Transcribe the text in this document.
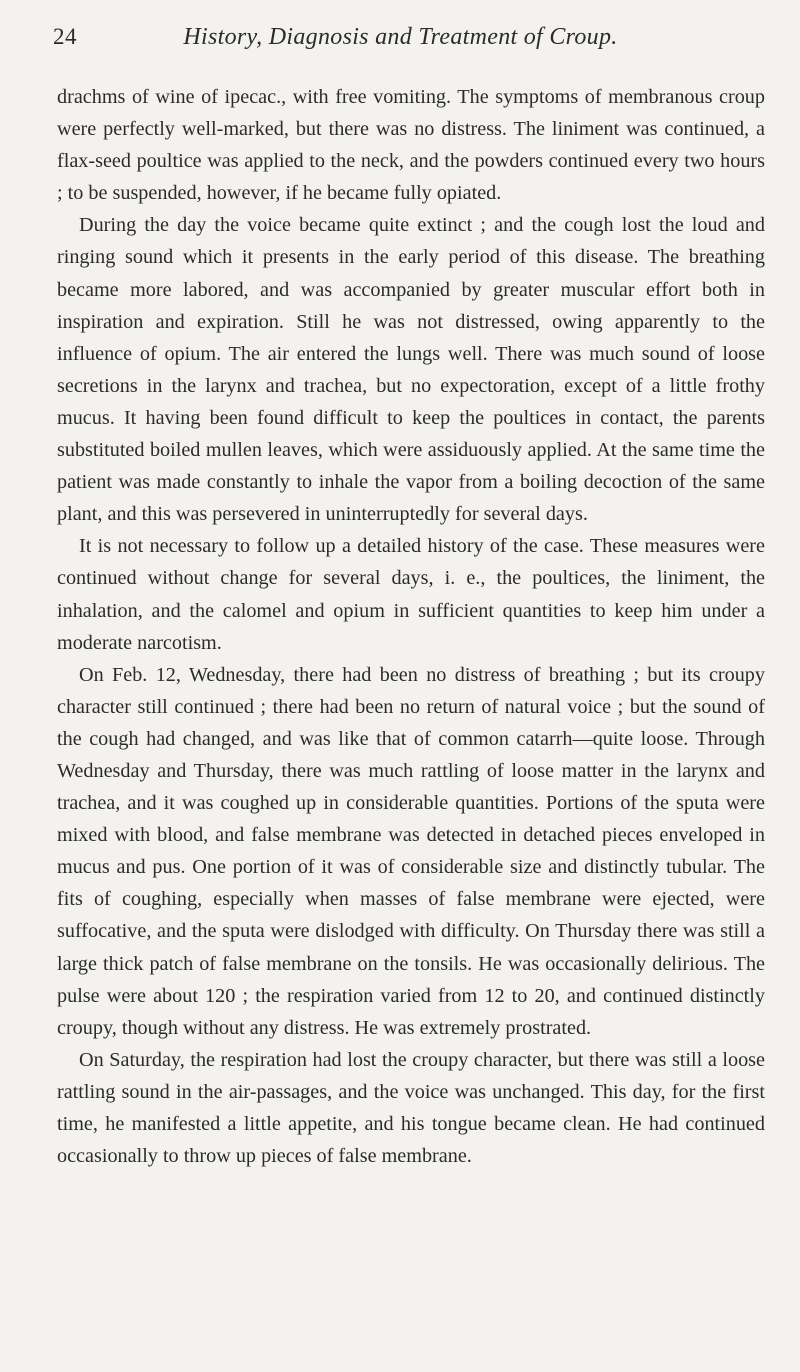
24	History, Diagnosis and Treatment of Croup.

drachms of wine of ipecac., with free vomiting. The symptoms of membranous croup were perfectly well-marked, but there was no distress. The liniment was continued, a flax-seed poultice was applied to the neck, and the powders continued every two hours ; to be suspended, however, if he became fully opiated.

During the day the voice became quite extinct ; and the cough lost the loud and ringing sound which it presents in the early period of this disease. The breathing became more labored, and was accompanied by greater muscular effort both in inspiration and expiration. Still he was not distressed, owing apparently to the influence of opium. The air entered the lungs well. There was much sound of loose secretions in the larynx and trachea, but no expectoration, except of a little frothy mucus. It having been found difficult to keep the poultices in contact, the parents substituted boiled mullen leaves, which were assiduously applied. At the same time the patient was made constantly to inhale the vapor from a boiling decoction of the same plant, and this was persevered in uninterruptedly for several days.

It is not necessary to follow up a detailed history of the case. These measures were continued without change for several days, i. e., the poultices, the liniment, the inhalation, and the calomel and opium in sufficient quantities to keep him under a moderate narcotism.

On Feb. 12, Wednesday, there had been no distress of breathing ; but its croupy character still continued ; there had been no return of natural voice ; but the sound of the cough had changed, and was like that of common catarrh—quite loose. Through Wednesday and Thursday, there was much rattling of loose matter in the larynx and trachea, and it was coughed up in considerable quantities. Portions of the sputa were mixed with blood, and false membrane was detected in detached pieces enveloped in mucus and pus. One portion of it was of considerable size and distinctly tubular. The fits of coughing, especially when masses of false membrane were ejected, were suffocative, and the sputa were dislodged with difficulty. On Thursday there was still a large thick patch of false membrane on the tonsils. He was occasionally delirious. The pulse were about 120 ; the respiration varied from 12 to 20, and continued distinctly croupy, though without any distress. He was extremely prostrated.

On Saturday, the respiration had lost the croupy character, but there was still a loose rattling sound in the air-passages, and the voice was unchanged. This day, for the first time, he manifested a little appetite, and his tongue became clean. He had continued occasionally to throw up pieces of false membrane.
